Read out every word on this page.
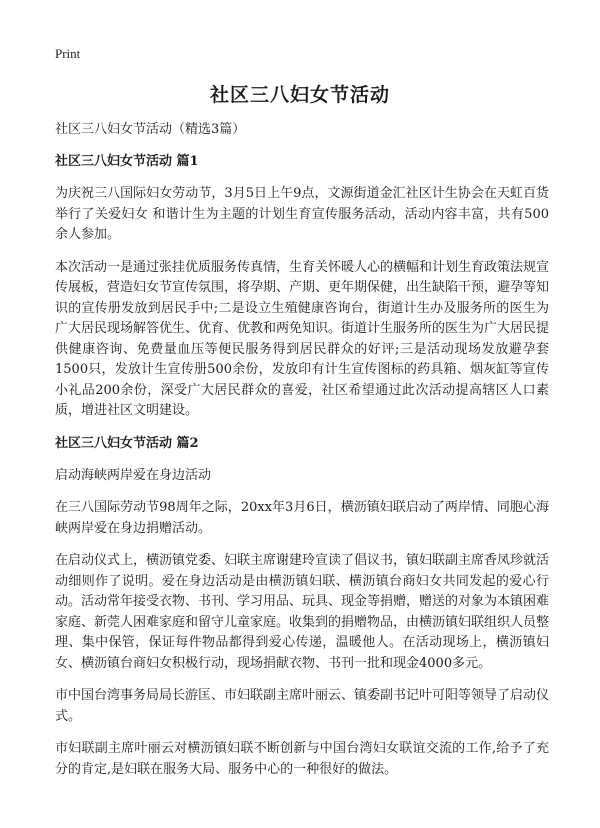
Print
社区三八妇女节活动

社区三八妇女节活动（精选3篇）

社区三八妇女节活动 篇1

为庆祝三八国际妇女劳动节，3月5日上午9点，文源街道金汇社区计生协会在天虹百货举行了关爱妇女 和谐计生为主题的计划生育宣传服务活动，活动内容丰富，共有500余人参加。

本次活动一是通过张挂优质服务传真情，生育关怀暖人心的横幅和计划生育政策法规宣传展板，营造妇女节宣传氛围，将孕期、产期、更年期保健，出生缺陷干预，避孕等知识的宣传册发放到居民手中;二是设立生殖健康咨询台，街道计生办及服务所的医生为广大居民现场解答优生、优育、优教和两免知识。街道计生服务所的医生为广大居民提供健康咨询、免费量血压等便民服务得到居民群众的好评;三是活动现场发放避孕套1500只，发放计生宣传册500余份，发放印有计生宣传图标的药具箱、烟灰缸等宣传小礼品200余份，深受广大居民群众的喜爱，社区希望通过此次活动提高辖区人口素质，增进社区文明建设。

社区三八妇女节活动 篇2

启动海峡两岸爱在身边活动

在三八国际劳动节98周年之际，20xx年3月6日，横沥镇妇联启动了两岸情、同胞心海峡两岸爱在身边捐赠活动。

在启动仪式上，横沥镇党委、妇联主席谢建玲宣读了倡议书，镇妇联副主席香凤珍就活动细则作了说明。爱在身边活动是由横沥镇妇联、横沥镇台商妇女共同发起的爱心行动。活动常年接受衣物、书刊、学习用品、玩具、现金等捐赠，赠送的对象为本镇困难家庭、新莞人困难家庭和留守儿童家庭。收集到的捐赠物品，由横沥镇妇联组织人员整理、集中保管，保证每件物品都得到爱心传递，温暖他人。在活动现场上，横沥镇妇女、横沥镇台商妇女积极行动，现场捐献衣物、书刊一批和现金4000多元。

市中国台湾事务局局长游匡、市妇联副主席叶丽云、镇委副书记叶可阳等领导了启动仪式。

市妇联副主席叶丽云对横沥镇妇联不断创新与中国台湾妇女联谊交流的工作,给予了充分的肯定,是妇联在服务大局、服务中心的一种很好的做法。
